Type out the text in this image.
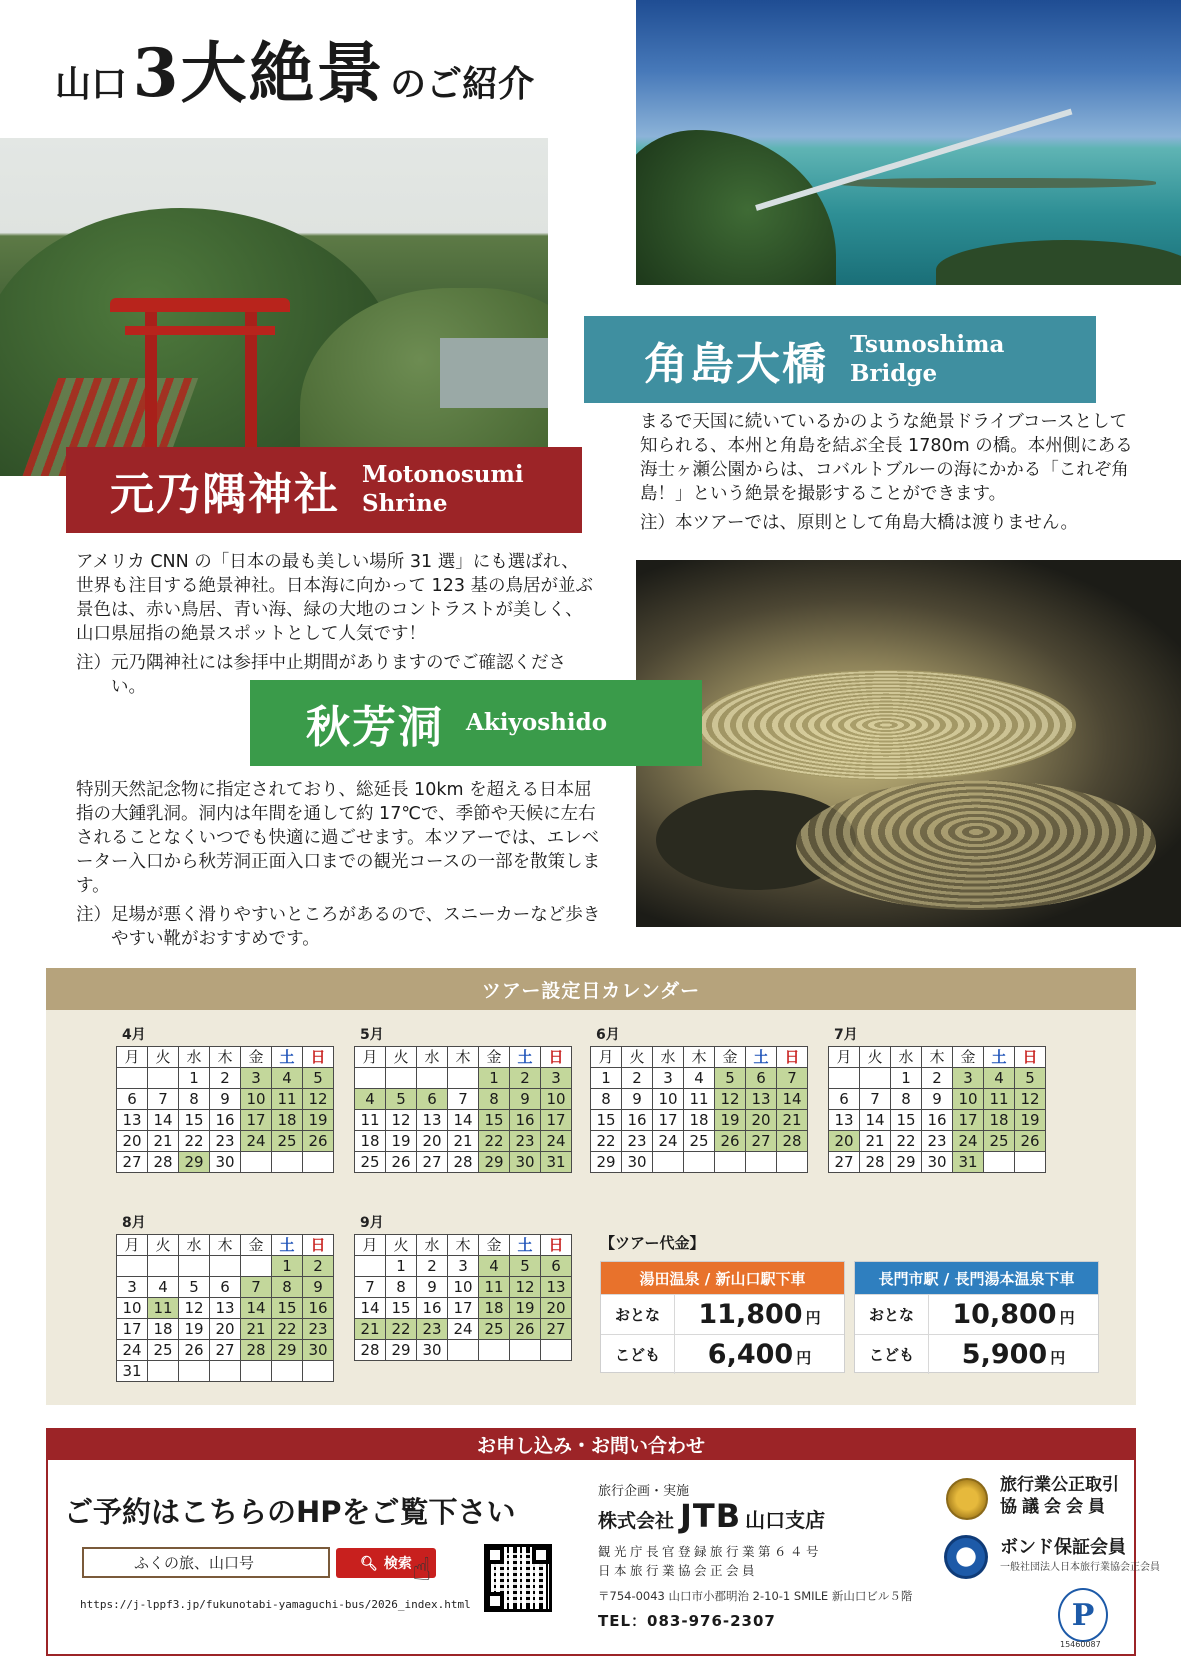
山口 3大絶景 のご紹介
角島大橋 Tsunoshima
Bridge
元乃隅神社 Motonosumi
Shrine
秋芳洞 Akiyoshido

まるで天国に続いているかのような絶景ドライブコースとして知られる、本州と角島を結ぶ全長 1780m の橋。本州側にある海士ヶ瀬公園からは、コバルトブルーの海にかかる「これぞ角島！」という絶景を撮影することができます。

注） 本ツアーでは、原則として角島大橋は渡りません。

アメリカ CNN の「日本の最も美しい場所 31 選」にも選ばれ、世界も注目する絶景神社。日本海に向かって 123 基の鳥居が並ぶ景色は、赤い鳥居、青い海、緑の大地のコントラストが美しく、山口県屈指の絶景スポットとして人気です！

注） 元乃隅神社には参拝中止期間がありますのでご確認ください。

特別天然記念物に指定されており、総延長 10km を超える日本屈指の大鍾乳洞。洞内は年間を通して約 17℃で、季節や天候に左右されることなくいつでも快適に過ごせます。本ツアーでは、エレベーター入口から秋芳洞正面入口までの観光コースの一部を散策します。

注） 足場が悪く滑りやすいところがあるので、スニーカーなど歩きやすい靴がおすすめです。
ツアー設定日カレンダー
4月
月	火	水	木	金	土	日
		1	2	3	4	5
6	7	8	9	10	11	12
13	14	15	16	17	18	19
20	21	22	23	24	25	26
27	28	29	30			
5月
月	火	水	木	金	土	日
				1	2	3
4	5	6	7	8	9	10
11	12	13	14	15	16	17
18	19	20	21	22	23	24
25	26	27	28	29	30	31
6月
月	火	水	木	金	土	日
1	2	3	4	5	6	7
8	9	10	11	12	13	14
15	16	17	18	19	20	21
22	23	24	25	26	27	28
29	30					
7月
月	火	水	木	金	土	日
		1	2	3	4	5
6	7	8	9	10	11	12
13	14	15	16	17	18	19
20	21	22	23	24	25	26
27	28	29	30	31		
8月
月	火	水	木	金	土	日
					1	2
3	4	5	6	7	8	9
10	11	12	13	14	15	16
17	18	19	20	21	22	23
24	25	26	27	28	29	30
31						
9月
月	火	水	木	金	土	日
	1	2	3	4	5	6
7	8	9	10	11	12	13
14	15	16	17	18	19	20
21	22	23	24	25	26	27
28	29	30				
【ツアー代金】
湯田温泉 / 新山口駅下車
おとな	11,800 円
こども	6,400 円
長門市駅 / 長門湯本温泉下車
おとな	10,800 円
こども	5,900 円
お申し込み・お問い合わせ
ご予約はこちらのHPをご覧下さい
ふくの旅、山口号
🔍︎ 検索 ☝
https://j-lppf3.jp/fukunotabi-yamaguchi-bus/2026_index.html
旅行企画・実施
株式会社 JTB 山口支店
観光庁長官登録旅行業第６４号
日本旅行業協会正会員
〒754-0043 山口市小郡明治 2-10-1 SMILE 新山口ビル５階
TEL：083-976-2307
旅行業公正取引
協議会会員
ボンド保証会員
一般社団法人日本旅行業協会正会員
P
15460087
